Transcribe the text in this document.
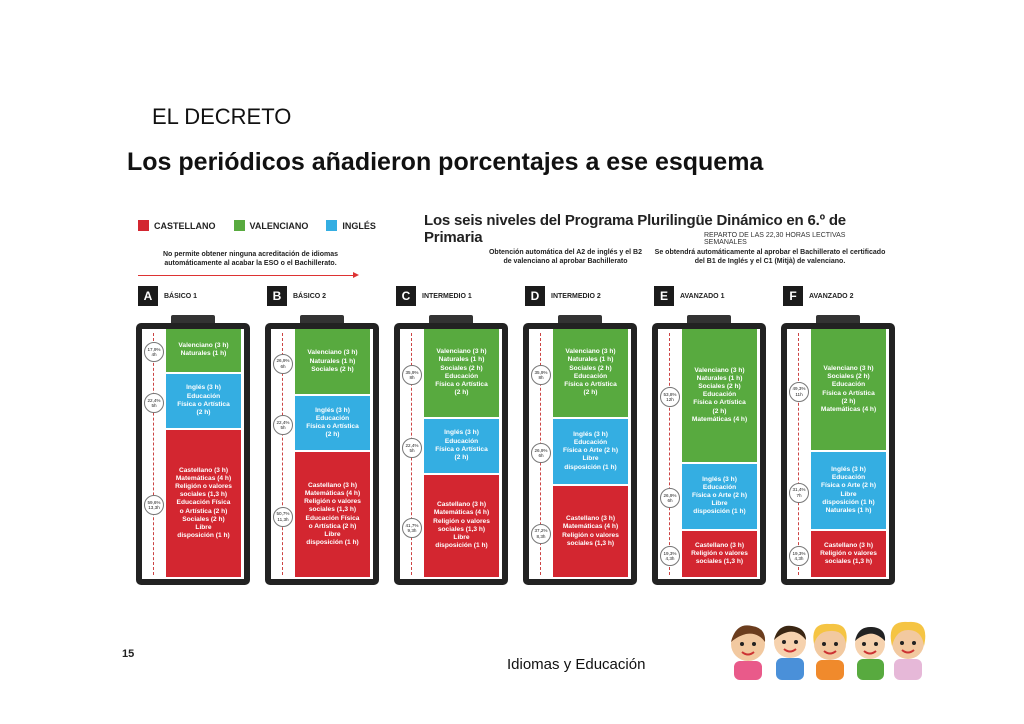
EL DECRETO
Los periódicos añadieron porcentajes a ese esquema
CASTELLANO	VALENCIANO	INGLÉS	Los seis niveles del Programa Plurilingüe Dinámico en 6.º de Primaria	REPARTO DE LAS 22,30 HORAS LECTIVAS SEMANALES
No permite obtener ninguna acreditación de idiomas automáticamente al acabar la ESO o el Bachillerato.
Obtención automática del A2 de inglés y el B2 de valenciano al aprobar Bachillerato
Se obtendrá automáticamente al aprobar el Bachillerato el certificado del B1 de Inglés y el C1 (Mitjà) de valenciano.
A	BÁSICO 1
Valenciano (3 h)
Naturales (1 h)
17,9%
4h
Inglés (3 h)
Educación
Física o Artística
(2 h)
22,4%
5h
Castellano (3 h)
Matemáticas (4 h)
Religión o valores
sociales (1,3 h)
Educación Física
o Artística (2 h)
Sociales (2 h)
Libre
disposición (1 h)
59,6%
13,3h
B	BÁSICO 2
Valenciano (3 h)
Naturales (1 h)
Sociales (2 h)
26,9%
6h
Inglés (3 h)
Educación
Física o Artística
(2 h)
22,4%
5h
Castellano (3 h)
Matemáticas (4 h)
Religión o valores
sociales (1,3 h)
Educación Física
o Artística (2 h)
Libre
disposición (1 h)
50,7%
11,3h
C	INTERMEDIO 1
Valenciano (3 h)
Naturales (1 h)
Sociales (2 h)
Educación
Física o Artística
(2 h)
35,9%
8h
Inglés (3 h)
Educación
Física o Artística
(2 h)
22,4%
5h
Castellano (3 h)
Matemáticas (4 h)
Religión o valores
sociales (1,3 h)
Libre
disposición (1 h)
41,7%
9,3h
D	INTERMEDIO 2
Valenciano (3 h)
Naturales (1 h)
Sociales (2 h)
Educación
Física o Artística
(2 h)
35,9%
8h
Inglés (3 h)
Educación
Física o Arte (2 h)
Libre
disposición (1 h)
26,9%
6h
Castellano (3 h)
Matemáticas (4 h)
Religión o valores
sociales (1,3 h)
37,2%
8,3h
E	AVANZADO 1
Valenciano (3 h)
Naturales (1 h)
Sociales (2 h)
Educación
Física o Artística
(2 h)
Matemáticas (4 h)
53,8%
12h
Inglés (3 h)
Educación
Física o Arte (2 h)
Libre
disposición (1 h)
26,9%
6h
Castellano (3 h)
Religión o valores
sociales (1,3 h)
19,3%
4,3h
F	AVANZADO 2
Valenciano (3 h)
Sociales (2 h)
Educación
Física o Artística
(2 h)
Matemáticas (4 h)
49,3%
11h
Inglés (3 h)
Educación
Física o Arte (2 h)
Libre
disposición (1 h)
Naturales (1 h)
31,4%
7h
Castellano (3 h)
Religión o valores
sociales (1,3 h)
19,3%
4,3h
15
Idiomas y Educación
